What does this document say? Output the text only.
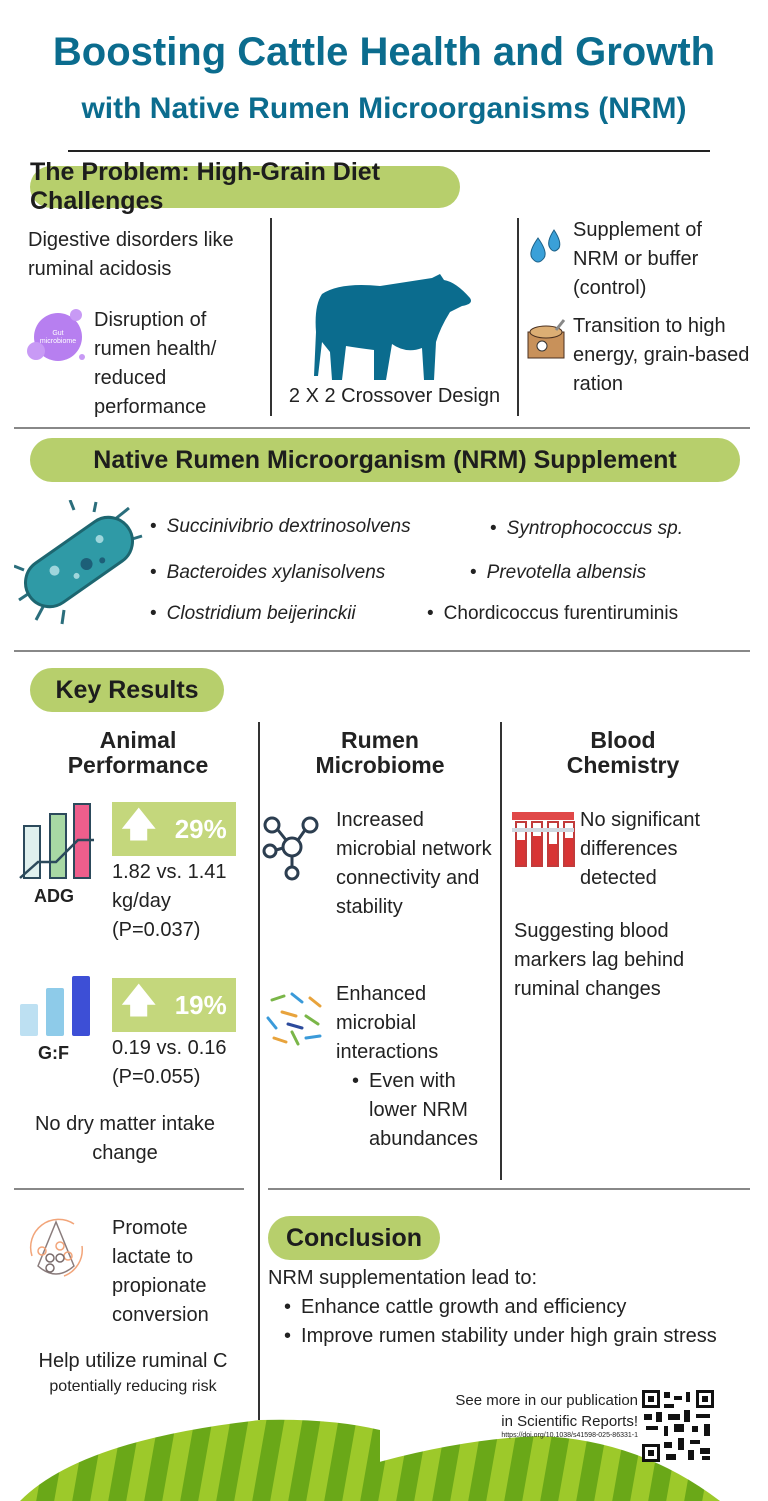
Boosting Cattle Health and Growth
with Native Rumen Microorganisms (NRM)
The Problem: High-Grain Diet Challenges
Digestive disorders like ruminal acidosis
Gut
microbiome
Disruption of rumen health/ reduced performance	2 X 2 Crossover Design
Supplement of NRM or buffer (control)
Transition to high energy, grain-based ration
Native Rumen Microorganism (NRM) Supplement
• Succinivibrio dextrinosolvens	• Syntrophococcus sp.
• Bacteroides xylanisolvens	• Prevotella albensis
• Clostridium beijerinckii	• Chordicoccus furentiruminis
Key Results
Animal Performance
Rumen Microbiome
Blood Chemistry
ADG
🡅 29%
1.82 vs. 1.41 kg/day
(P=0.037)
G:F
🡅 19%
0.19 vs. 0.16
(P=0.055)
No dry matter intake change
Increased microbial network connectivity and stability
Enhanced microbial interactions
• Even with lower NRM abundances
No significant differences detected
Suggesting blood markers lag behind ruminal changes
Promote lactate to propionate conversion
Help utilize ruminal C
potentially reducing risk
Conclusion
NRM supplementation lead to:
• Enhance cattle growth and efficiency
• Improve rumen stability under high grain stress
See more in our publication
in Scientific Reports!
https://doi.org/10.1038/s41598-025-86331-1
